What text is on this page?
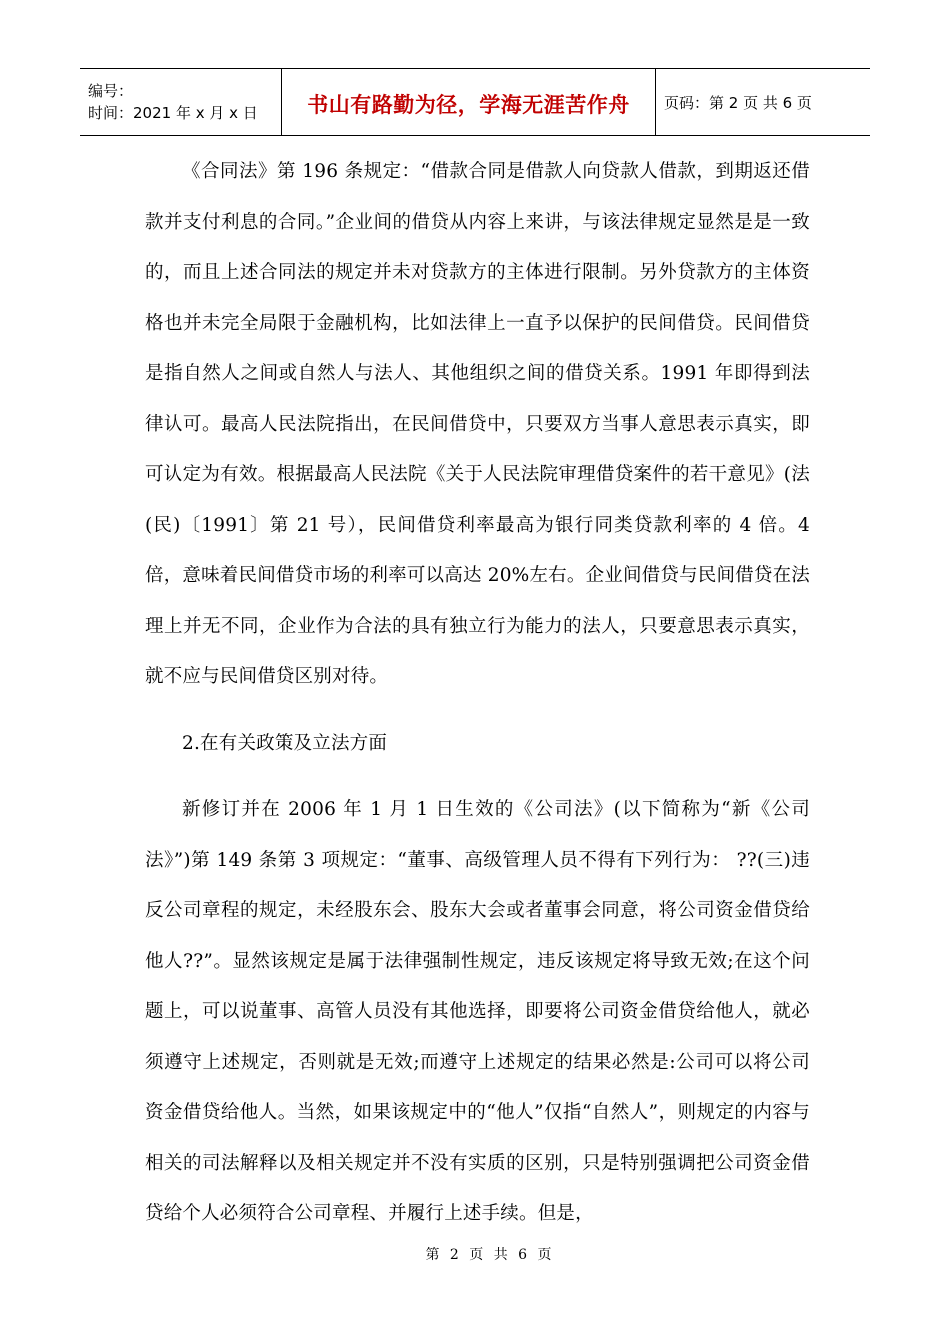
编号：
时间：2021 年 x 月 x 日	书山有路勤为径，学海无涯苦作舟 页码：第 2 页 共 6 页

《合同法》第 196 条规定：“借款合同是借款人向贷款人借款，到期返还借款并支付利息的合同。”企业间的借贷从内容上来讲，与该法律规定显然是是一致的，而且上述合同法的规定并未对贷款方的主体进行限制。另外贷款方的主体资格也并未完全局限于金融机构，比如法律上一直予以保护的民间借贷。民间借贷是指自然人之间或自然人与法人、其他组织之间的借贷关系。1991 年即得到法律认可。最高人民法院指出，在民间借贷中，只要双方当事人意思表示真实，即可认定为有效。根据最高人民法院《关于人民法院审理借贷案件的若干意见》(法(民)〔1991〕第 21 号），民间借贷利率最高为银行同类贷款利率的 4 倍。4 倍，意味着民间借贷市场的利率可以高达 20%左右。企业间借贷与民间借贷在法理上并无不同，企业作为合法的具有独立行为能力的法人，只要意思表示真实，就不应与民间借贷区别对待。

2.在有关政策及立法方面

新修订并在 2006 年 1 月 1 日生效的《公司法》(以下简称为“新《公司法》”)第 149 条第 3 项规定：“董事、高级管理人员不得有下列行为： ??(三)违反公司章程的规定，未经股东会、股东大会或者董事会同意，将公司资金借贷给他人??”。显然该规定是属于法律强制性规定，违反该规定将导致无效;在这个问题上，可以说董事、高管人员没有其他选择，即要将公司资金借贷给他人，就必须遵守上述规定，否则就是无效;而遵守上述规定的结果必然是:公司可以将公司资金借贷给他人。当然，如果该规定中的“他人”仅指“自然人”，则规定的内容与相关的司法解释以及相关规定并不没有实质的区别，只是特别强调把公司资金借贷给个人必须符合公司章程、并履行上述手续。但是，

第 2 页 共 6 页
